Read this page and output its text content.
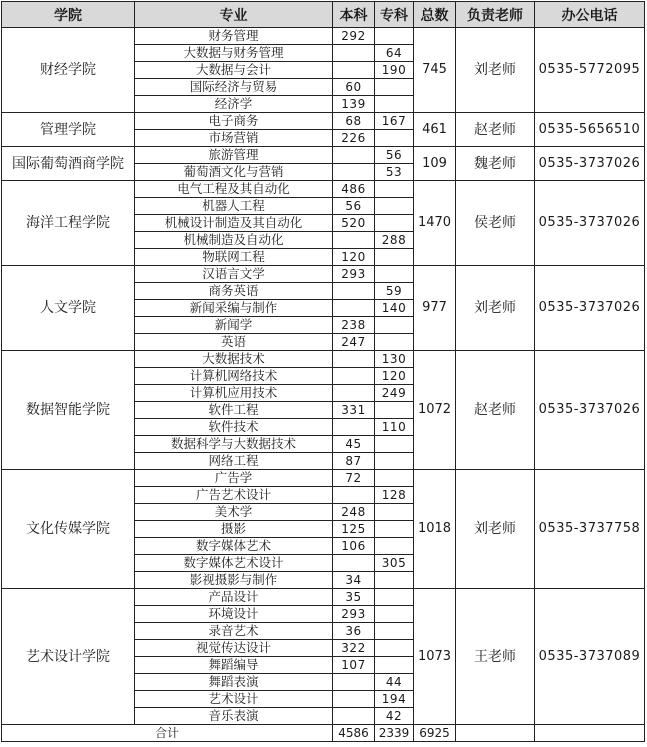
学院	专业	本科	专科	总数	负责老师	办公电话
财经学院	财务管理	292		745	刘老师	0535-5772095
	大数据与财务管理		64			
	大数据与会计		190			
	国际经济与贸易	60				
	经济学	139				
管理学院	电子商务	68	167	461	赵老师	0535-5656510
	市场营销	226				
国际葡萄酒商学院	旅游管理		56	109	魏老师	0535-3737026
	葡萄酒文化与营销		53			
海洋工程学院	电气工程及其自动化	486		1470	侯老师	0535-3737026
	机器人工程	56				
	机械设计制造及其自动化	520				
	机械制造及自动化		288			
	物联网工程	120				
人文学院	汉语言文学	293		977	刘老师	0535-3737026
	商务英语		59			
	新闻采编与制作		140			
	新闻学	238				
	英语	247				
数据智能学院	大数据技术		130	1072	赵老师	0535-3737026
	计算机网络技术		120			
	计算机应用技术		249			
	软件工程	331				
	软件技术		110			
	数据科学与大数据技术	45				
	网络工程	87				
文化传媒学院	广告学	72		1018	刘老师	0535-3737758
	广告艺术设计		128			
	美术学	248				
	摄影	125				
	数字媒体艺术	106				
	数字媒体艺术设计		305			
	影视摄影与制作	34				
艺术设计学院	产品设计	35		1073	王老师	0535-3737089
	环境设计	293				
	录音艺术	36				
	视觉传达设计	322				
	舞蹈编导	107				
	舞蹈表演		44			
	艺术设计		194			
	音乐表演		42			
合计		4586	2339	6925		
